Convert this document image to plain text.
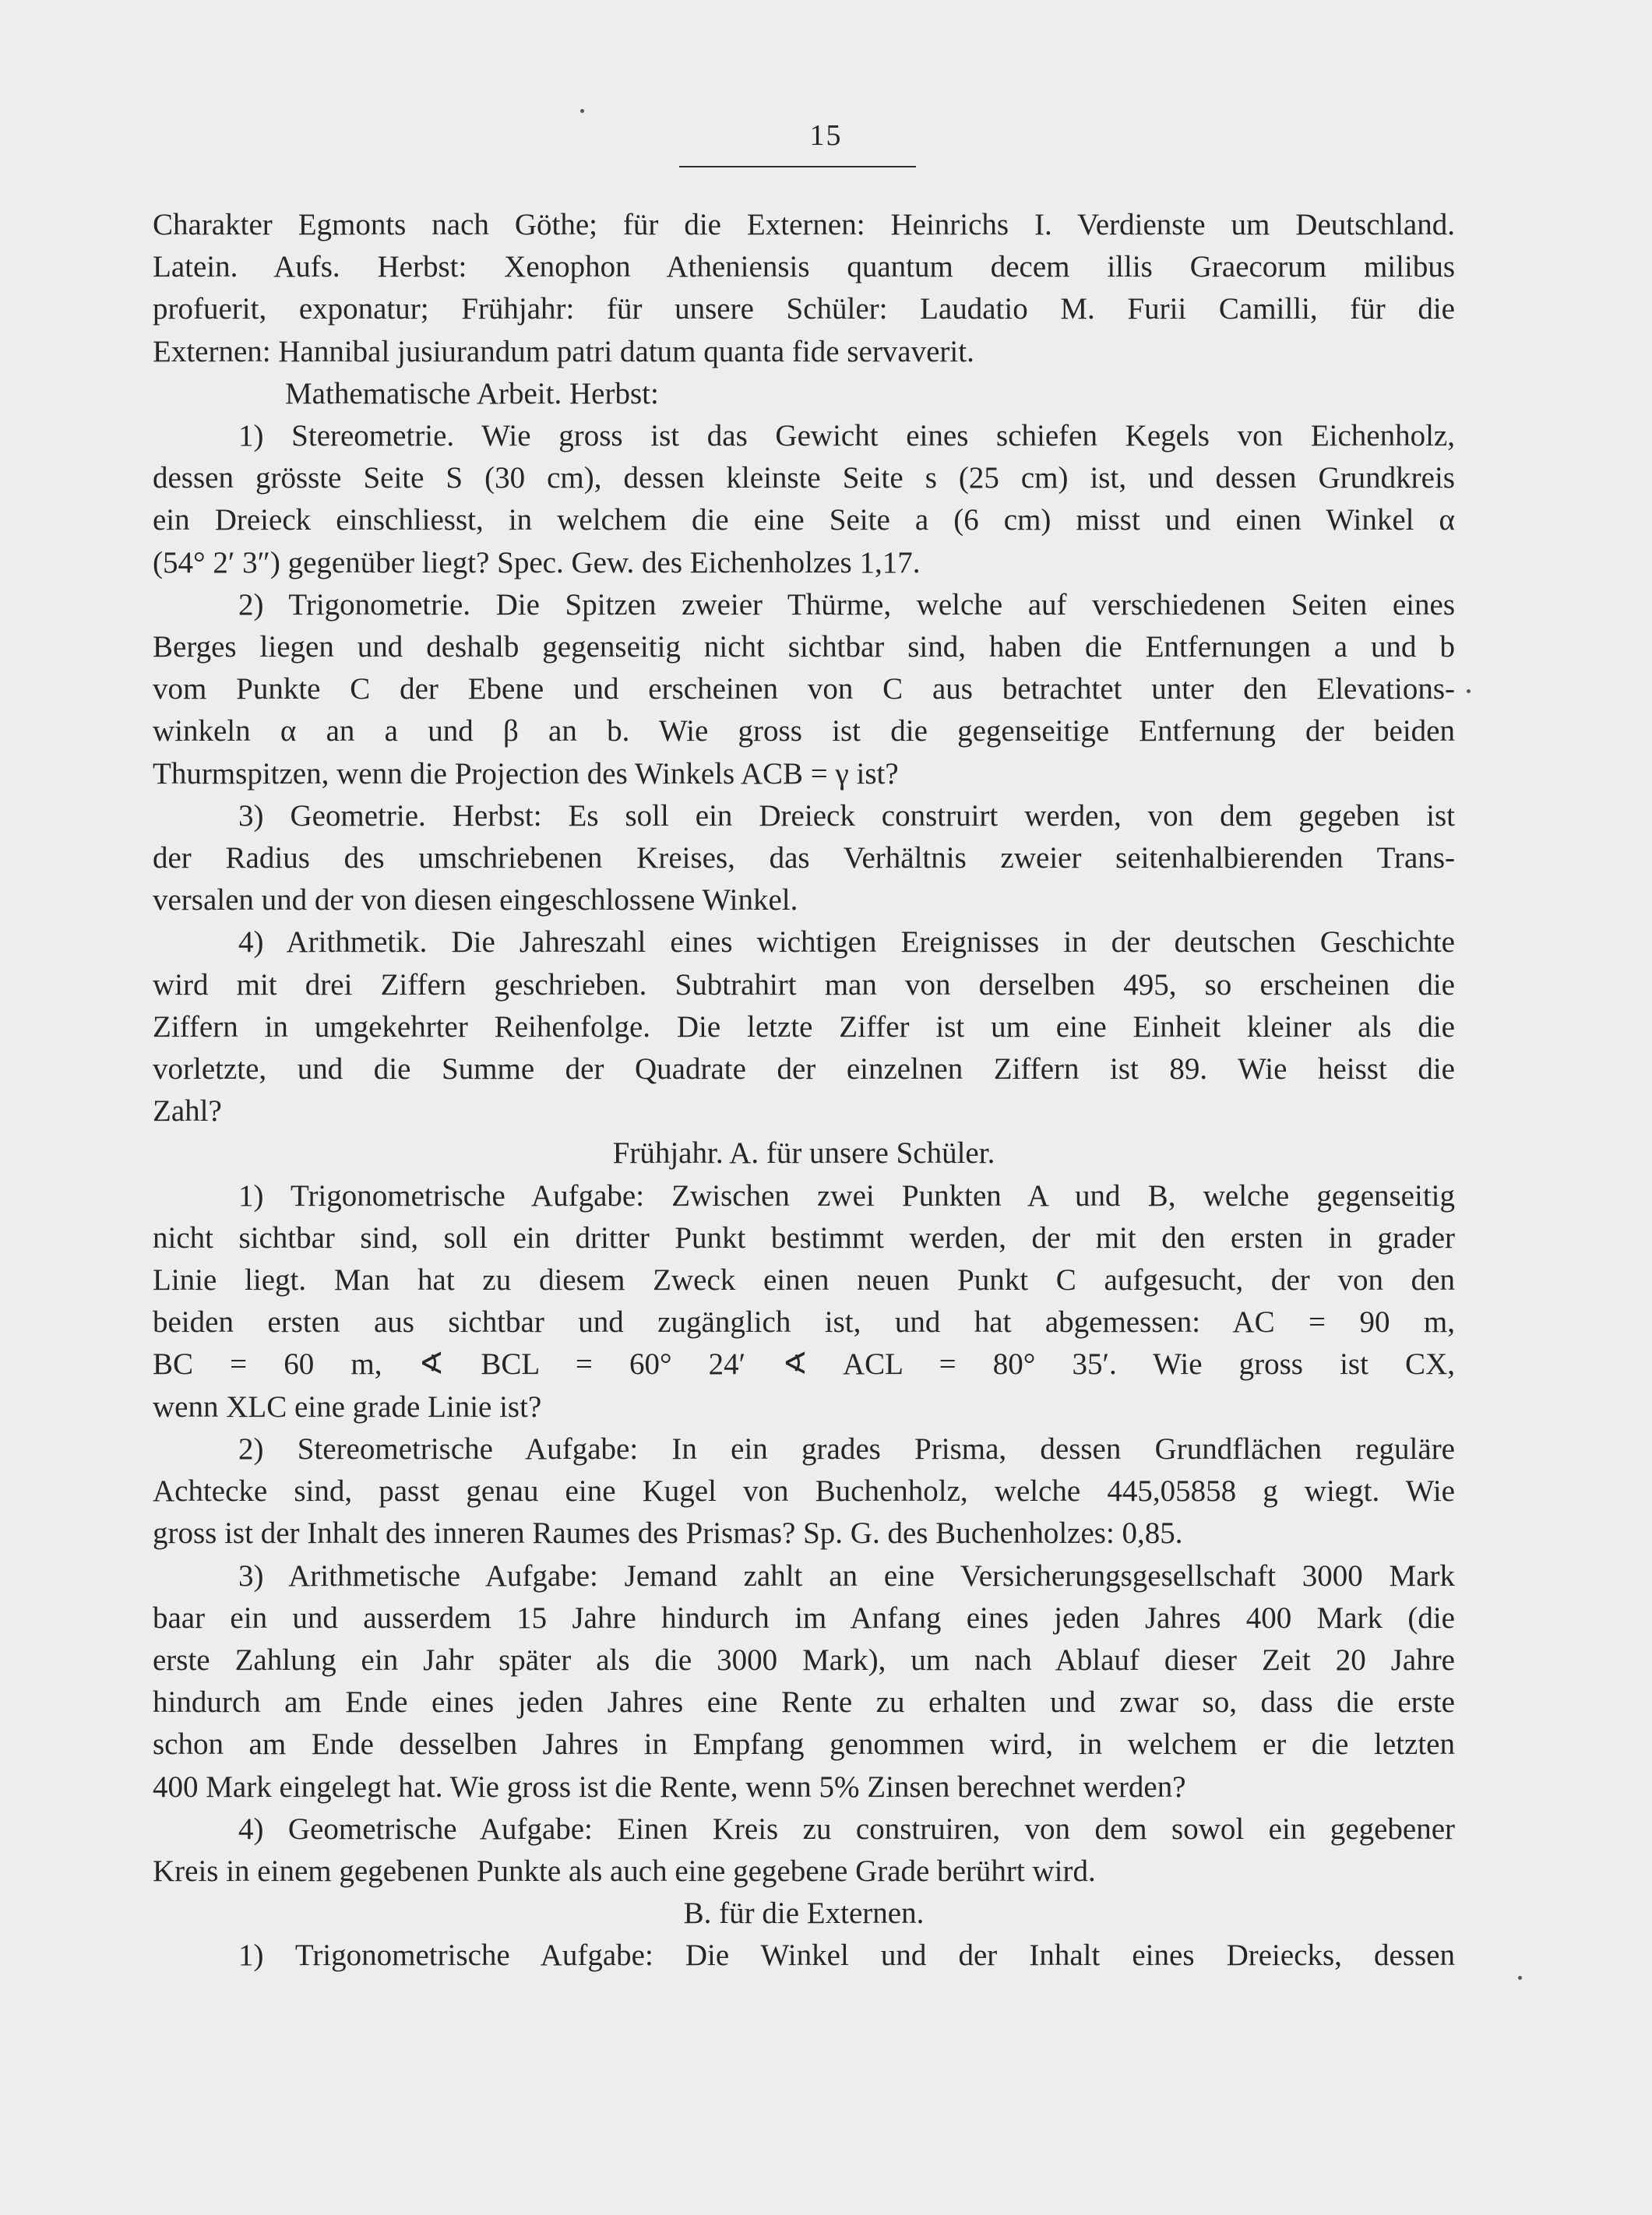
15

Charakter Egmonts nach Göthe; für die Externen: Heinrichs I. Verdienste um Deutschland.

Latein. Aufs. Herbst: Xenophon Atheniensis quantum decem illis Graecorum milibus

profuerit, exponatur; Frühjahr: für unsere Schüler: Laudatio M. Furii Camilli, für die

Externen: Hannibal jusiurandum patri datum quanta fide servaverit.

Mathematische Arbeit. Herbst:

1) Stereometrie. Wie gross ist das Gewicht eines schiefen Kegels von Eichenholz,

dessen grösste Seite S (30 cm), dessen kleinste Seite s (25 cm) ist, und dessen Grundkreis

ein Dreieck einschliesst, in welchem die eine Seite a (6 cm) misst und einen Winkel α

(54° 2′ 3″) gegenüber liegt? Spec. Gew. des Eichenholzes 1,17.

2) Trigonometrie. Die Spitzen zweier Thürme, welche auf verschiedenen Seiten eines

Berges liegen und deshalb gegenseitig nicht sichtbar sind, haben die Entfernungen a und b

vom Punkte C der Ebene und erscheinen von C aus betrachtet unter den Elevations-

winkeln α an a und β an b. Wie gross ist die gegenseitige Entfernung der beiden

Thurmspitzen, wenn die Projection des Winkels ACB = γ ist?

3) Geometrie. Herbst: Es soll ein Dreieck construirt werden, von dem gegeben ist

der Radius des umschriebenen Kreises, das Verhältnis zweier seitenhalbierenden Trans-

versalen und der von diesen eingeschlossene Winkel.

4) Arithmetik. Die Jahreszahl eines wichtigen Ereignisses in der deutschen Geschichte

wird mit drei Ziffern geschrieben. Subtrahirt man von derselben 495, so erscheinen die

Ziffern in umgekehrter Reihenfolge. Die letzte Ziffer ist um eine Einheit kleiner als die

vorletzte, und die Summe der Quadrate der einzelnen Ziffern ist 89. Wie heisst die

Zahl?

Frühjahr. A. für unsere Schüler.

1) Trigonometrische Aufgabe: Zwischen zwei Punkten A und B, welche gegenseitig

nicht sichtbar sind, soll ein dritter Punkt bestimmt werden, der mit den ersten in grader

Linie liegt. Man hat zu diesem Zweck einen neuen Punkt C aufgesucht, der von den

beiden ersten aus sichtbar und zugänglich ist, und hat abgemessen: AC = 90 m,

BC = 60 m, ∢ BCL = 60° 24′ ∢ ACL = 80° 35′. Wie gross ist CX,

wenn XLC eine grade Linie ist?

2) Stereometrische Aufgabe: In ein grades Prisma, dessen Grundflächen reguläre

Achtecke sind, passt genau eine Kugel von Buchenholz, welche 445,05858 g wiegt. Wie

gross ist der Inhalt des inneren Raumes des Prismas? Sp. G. des Buchenholzes: 0,85.

3) Arithmetische Aufgabe: Jemand zahlt an eine Versicherungsgesellschaft 3000 Mark

baar ein und ausserdem 15 Jahre hindurch im Anfang eines jeden Jahres 400 Mark (die

erste Zahlung ein Jahr später als die 3000 Mark), um nach Ablauf dieser Zeit 20 Jahre

hindurch am Ende eines jeden Jahres eine Rente zu erhalten und zwar so, dass die erste

schon am Ende desselben Jahres in Empfang genommen wird, in welchem er die letzten

400 Mark eingelegt hat. Wie gross ist die Rente, wenn 5% Zinsen berechnet werden?

4) Geometrische Aufgabe: Einen Kreis zu construiren, von dem sowol ein gegebener

Kreis in einem gegebenen Punkte als auch eine gegebene Grade berührt wird.

B. für die Externen.

1) Trigonometrische Aufgabe: Die Winkel und der Inhalt eines Dreiecks, dessen
